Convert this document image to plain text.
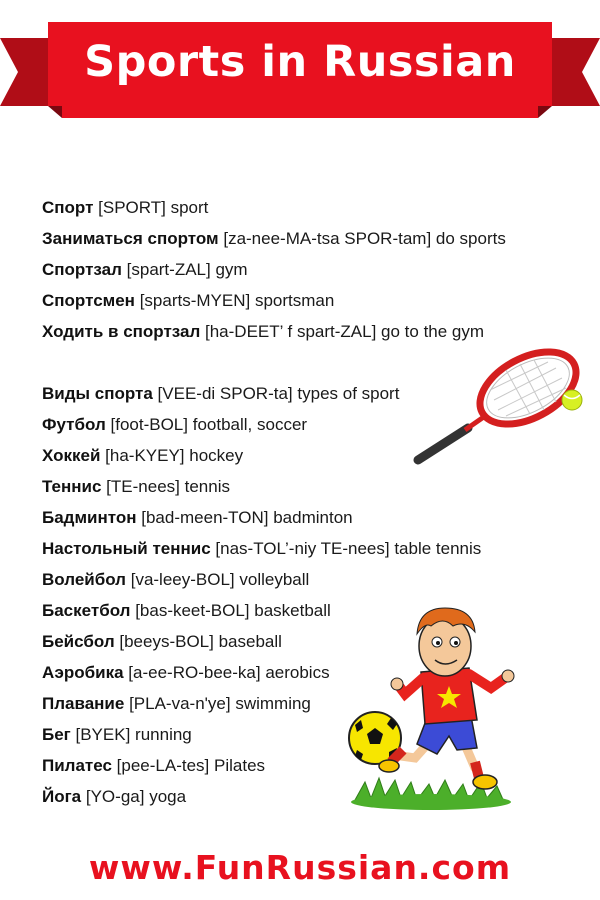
Sports in Russian
Спорт [SPORT] sport
Заниматься спортом [za-nee-MA-tsa SPOR-tam] do sports
Спортзал [spart-ZAL] gym
Спортсмен [sparts-MYEN] sportsman
Ходить в спортзал [ha-DEET’ f spart-ZAL] go to the gym
Виды спорта [VEE-di SPOR-ta] types of sport
Футбол [foot-BOL] football, soccer
Хоккей [ha-KYEY] hockey
Теннис [TE-nees] tennis
Бадминтон [bad-meen-TON] badminton
Настольный теннис [nas-TOL’-niy TE-nees] table tennis
Волейбол [va-leey-BOL] volleyball
Баскетбол [bas-keet-BOL] basketball
Бейсбол [beeys-BOL] baseball
Аэробика [a-ee-RO-bee-ka] aerobics
Плавание [PLA-va-n'ye] swimming
Бег [BYEK] running
Пилатес [pee-LA-tes] Pilates
Йога [YO-ga] yoga
www.FunRussian.com
